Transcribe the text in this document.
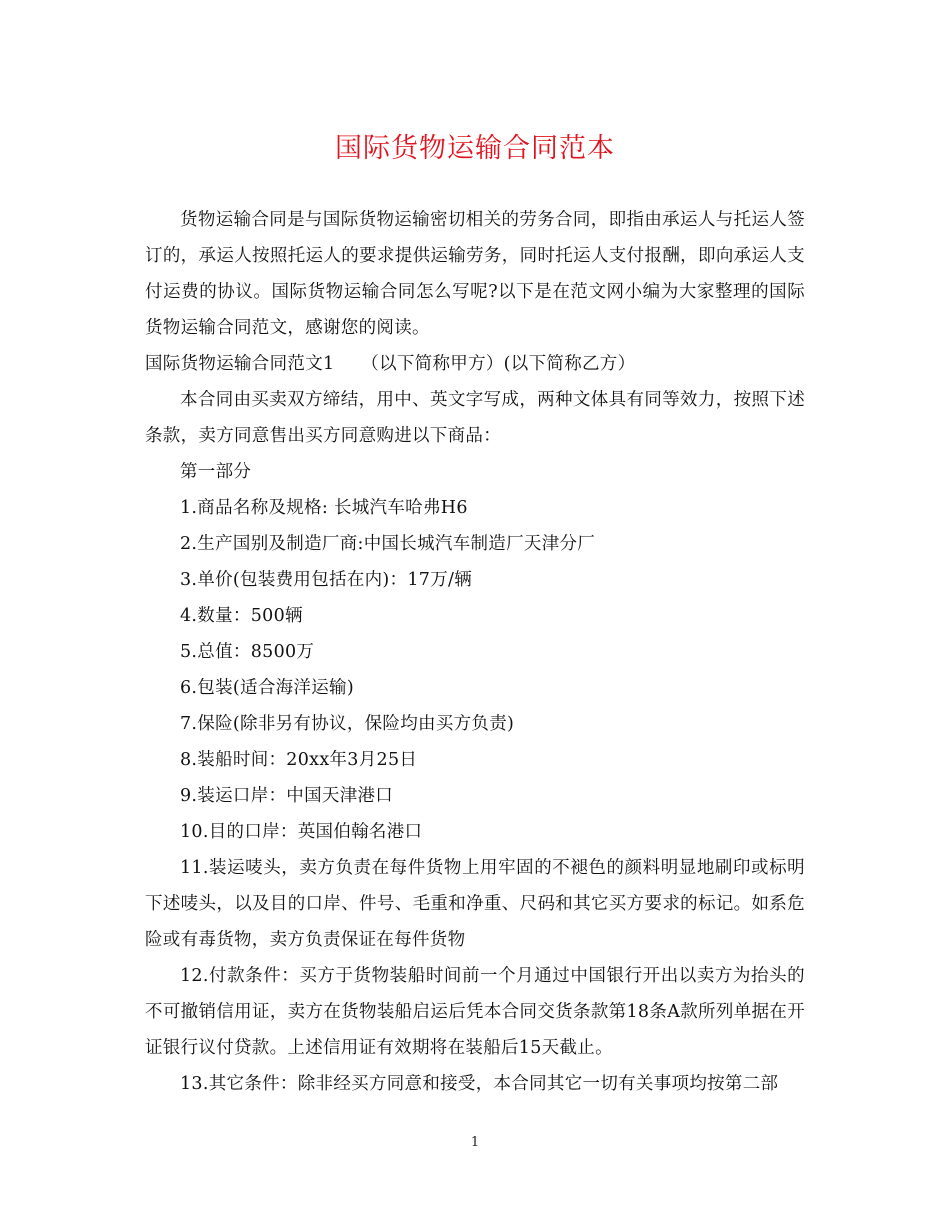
国际货物运输合同范本

货物运输合同是与国际货物运输密切相关的劳务合同，即指由承运人与托运人签订的，承运人按照托运人的要求提供运输劳务，同时托运人支付报酬，即向承运人支付运费的协议。国际货物运输合同怎么写呢?以下是在范文网小编为大家整理的国际货物运输合同范文，感谢您的阅读。

国际货物运输合同范文1　　（以下简称甲方）(以下简称乙方）

本合同由买卖双方缔结，用中、英文字写成，两种文体具有同等效力，按照下述条款，卖方同意售出买方同意购进以下商品：

第一部分

1.商品名称及规格: 长城汽车哈弗H6

2.生产国别及制造厂商:中国长城汽车制造厂天津分厂

3.单价(包装费用包括在内)：17万/辆

4.数量：500辆

5.总值：8500万

6.包装(适合海洋运输)

7.保险(除非另有协议，保险均由买方负责)

8.装船时间：20xx年3月25日

9.装运口岸：中国天津港口

10.目的口岸：英国伯翰名港口

11.装运唛头，卖方负责在每件货物上用牢固的不褪色的颜料明显地刷印或标明下述唛头，以及目的口岸、件号、毛重和净重、尺码和其它买方要求的标记。如系危险或有毒货物，卖方负责保证在每件货物

12.付款条件：买方于货物装船时间前一个月通过中国银行开出以卖方为抬头的不可撤销信用证，卖方在货物装船启运后凭本合同交货条款第18条A款所列单据在开证银行议付贷款。上述信用证有效期将在装船后15天截止。

13.其它条件：除非经买方同意和接受，本合同其它一切有关事项均按第二部

1
